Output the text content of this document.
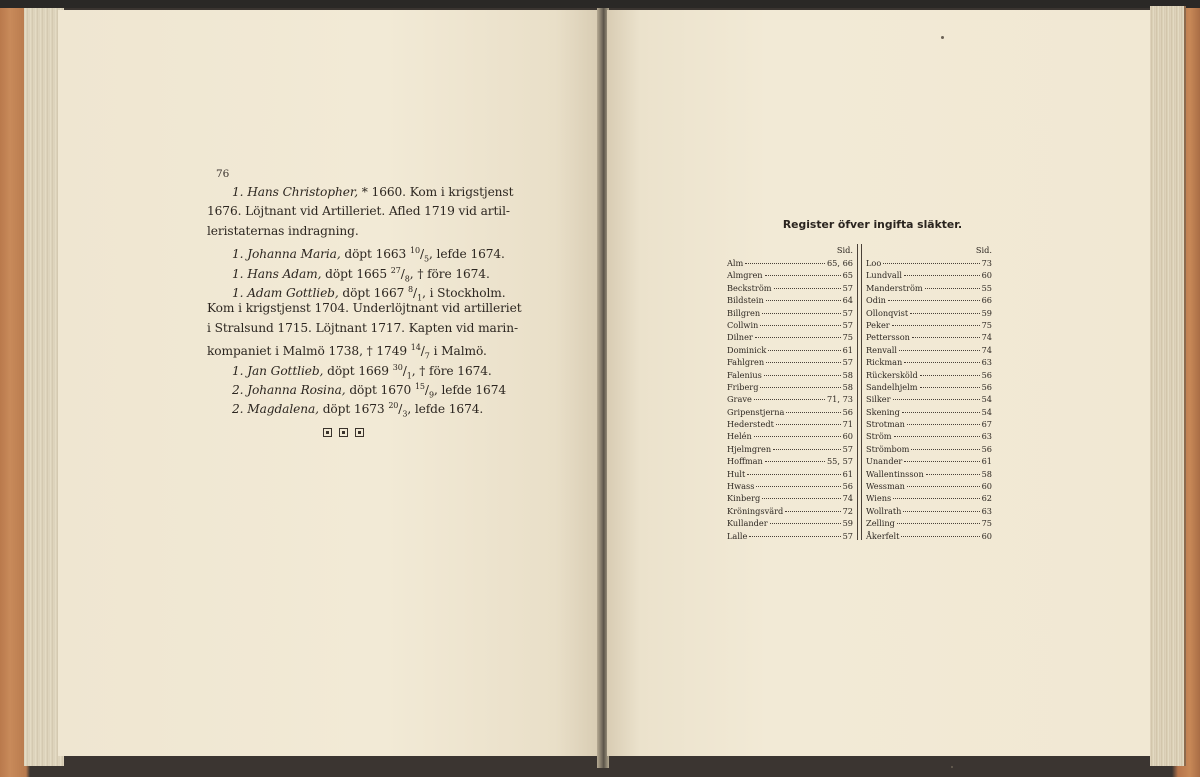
76
1. Hans Christopher, * 1660. Kom i krigstjenst
1676. Löjtnant vid Artilleriet. Afled 1719 vid artil-
leristaternas indragning.
1. Johanna Maria, döpt 1663 $^{10}/_5$, lefde 1674.
1. Hans Adam, döpt 1665 $^{27}/_8$, † före 1674.
1. Adam Gottlieb, döpt 1667 $^8/_1$, i Stockholm.
Kom i krigstjenst 1704. Underlöjtnant vid artilleriet
i Stralsund 1715. Löjtnant 1717. Kapten vid marin-
kompaniet i Malmö 1738, † 1749 $^{14}/_7$ i Malmö.
1. Jan Gottlieb, döpt 1669 $^{30}/_1$, † före 1674.
2. Johanna Rosina, döpt 1670 $^{15}/_9$, lefde 1674
2. Magdalena, döpt 1673 $^{20}/_3$, lefde 1674.
Register öfver ingifta släkter.
Sid.
Alm	65, 66
Almgren	65
Beckström	57
Bildstein	64
Billgren	57
Collwin	57
Dilner	75
Dominick	61
Fahlgren	57
Falenius	58
Friberg	58
Grave	71, 73
Gripenstjerna	56
Hederstedt	71
Helén	60
Hjelmgren	57
Hoffman	55, 57
Hult	61
Hwass	56
Kinberg	74
Kröningsvärd	72
Kullander	59
Lalle	57
Sid.
Loo	73
Lundvall	60
Manderström	55
Odin	66
Ollonqvist	59
Peker	75
Pettersson	74
Renvall	74
Rickman	63
Rückersköld	56
Sandelhjelm	56
Silker	54
Skening	54
Strotman	67
Ström	63
Strömbom	56
Unander	61
Wallentinsson	58
Wessman	60
Wiens	62
Wollrath	63
Zelling	75
Åkerfelt	60
